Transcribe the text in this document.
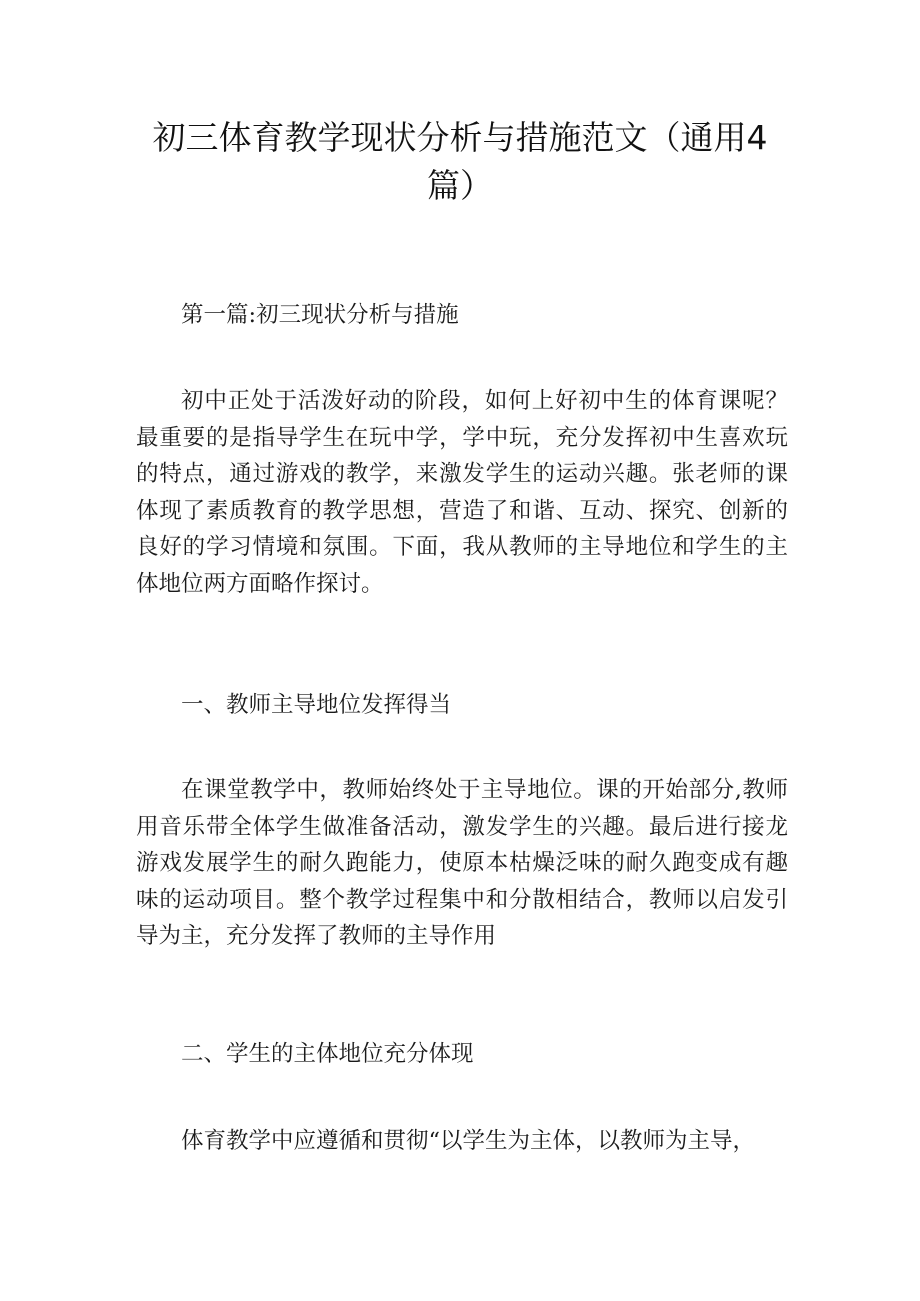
初三体育教学现状分析与措施范文（通用4
篇）

第一篇:初三现状分析与措施

初中正处于活泼好动的阶段，如何上好初中生的体育课呢？最重要的是指导学生在玩中学，学中玩，充分发挥初中生喜欢玩的特点，通过游戏的教学，来激发学生的运动兴趣。张老师的课体现了素质教育的教学思想，营造了和谐、互动、探究、创新的良好的学习情境和氛围。下面，我从教师的主导地位和学生的主体地位两方面略作探讨。

一、教师主导地位发挥得当

在课堂教学中，教师始终处于主导地位。课的开始部分,教师用音乐带全体学生做准备活动，激发学生的兴趣。最后进行接龙游戏发展学生的耐久跑能力，使原本枯燥泛味的耐久跑变成有趣味的运动项目。整个教学过程集中和分散相结合，教师以启发引导为主，充分发挥了教师的主导作用

二、学生的主体地位充分体现

体育教学中应遵循和贯彻“以学生为主体，以教师为主导，
